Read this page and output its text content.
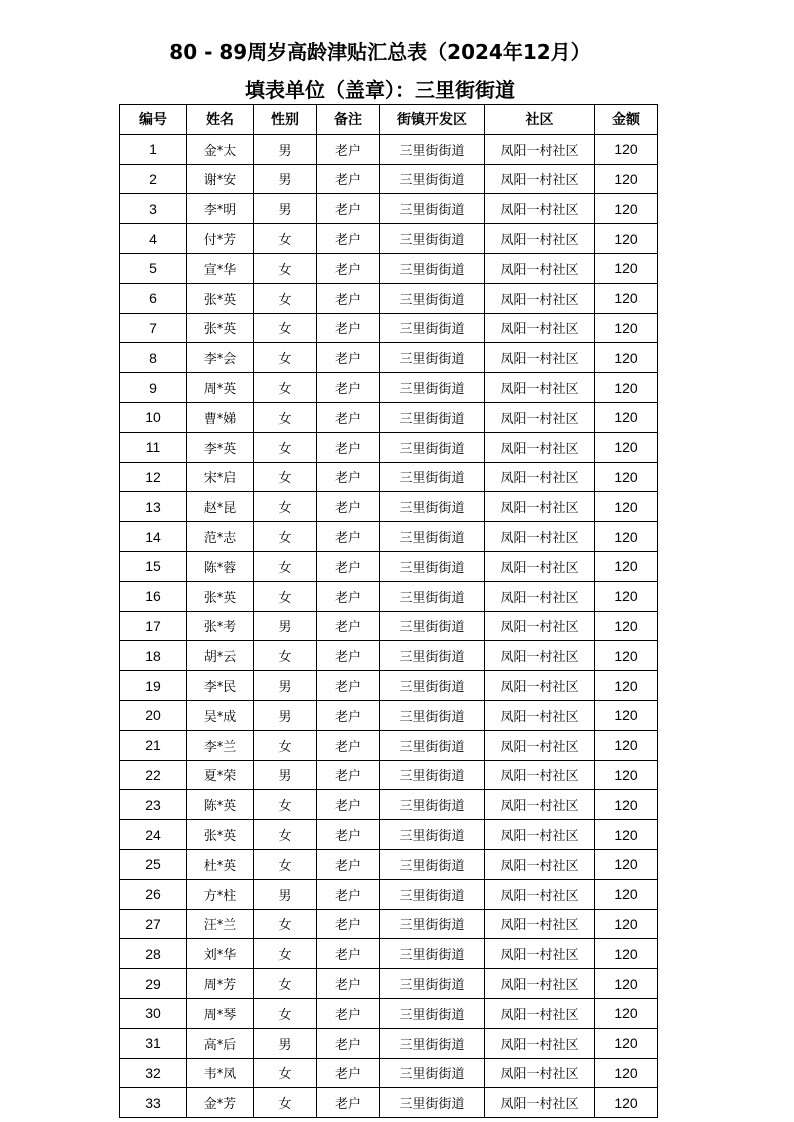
80 - 89周岁高龄津贴汇总表（2024年12月）
填表单位（盖章）：三里街街道
编号	姓名	性别	备注	街镇开发区	社区	金额
1	金*太	男	老户	三里街街道	凤阳一村社区	120
2	谢*安	男	老户	三里街街道	凤阳一村社区	120
3	李*明	男	老户	三里街街道	凤阳一村社区	120
4	付*芳	女	老户	三里街街道	凤阳一村社区	120
5	宣*华	女	老户	三里街街道	凤阳一村社区	120
6	张*英	女	老户	三里街街道	凤阳一村社区	120
7	张*英	女	老户	三里街街道	凤阳一村社区	120
8	李*会	女	老户	三里街街道	凤阳一村社区	120
9	周*英	女	老户	三里街街道	凤阳一村社区	120
10	曹*娣	女	老户	三里街街道	凤阳一村社区	120
11	李*英	女	老户	三里街街道	凤阳一村社区	120
12	宋*启	女	老户	三里街街道	凤阳一村社区	120
13	赵*昆	女	老户	三里街街道	凤阳一村社区	120
14	范*志	女	老户	三里街街道	凤阳一村社区	120
15	陈*蓉	女	老户	三里街街道	凤阳一村社区	120
16	张*英	女	老户	三里街街道	凤阳一村社区	120
17	张*考	男	老户	三里街街道	凤阳一村社区	120
18	胡*云	女	老户	三里街街道	凤阳一村社区	120
19	李*民	男	老户	三里街街道	凤阳一村社区	120
20	吴*成	男	老户	三里街街道	凤阳一村社区	120
21	李*兰	女	老户	三里街街道	凤阳一村社区	120
22	夏*荣	男	老户	三里街街道	凤阳一村社区	120
23	陈*英	女	老户	三里街街道	凤阳一村社区	120
24	张*英	女	老户	三里街街道	凤阳一村社区	120
25	杜*英	女	老户	三里街街道	凤阳一村社区	120
26	方*柱	男	老户	三里街街道	凤阳一村社区	120
27	汪*兰	女	老户	三里街街道	凤阳一村社区	120
28	刘*华	女	老户	三里街街道	凤阳一村社区	120
29	周*芳	女	老户	三里街街道	凤阳一村社区	120
30	周*琴	女	老户	三里街街道	凤阳一村社区	120
31	高*后	男	老户	三里街街道	凤阳一村社区	120
32	韦*凤	女	老户	三里街街道	凤阳一村社区	120
33	金*芳	女	老户	三里街街道	凤阳一村社区	120
